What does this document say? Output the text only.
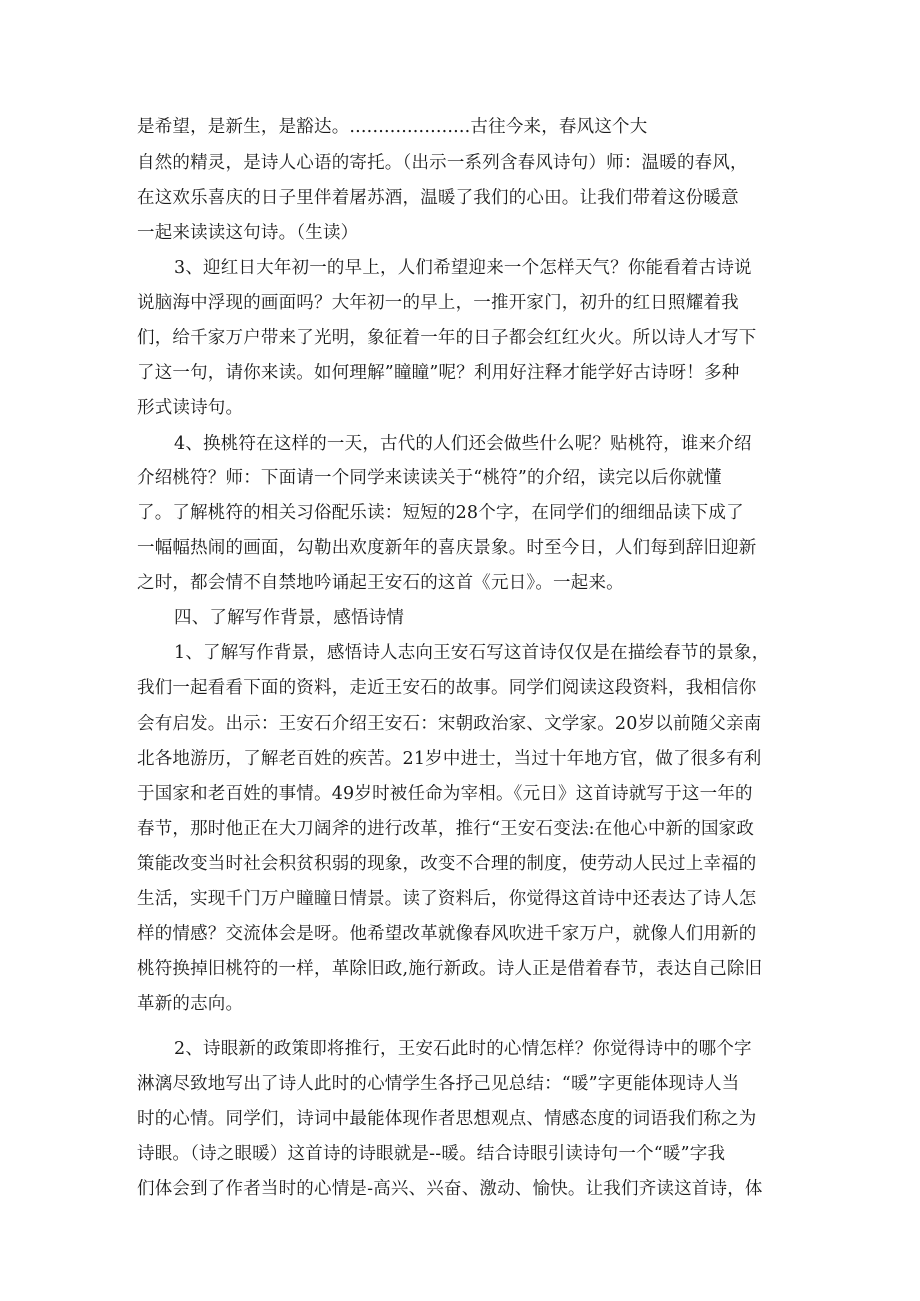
是希望，是新生，是豁达。.....................古往今来，春风这个大
自然的精灵，是诗人心语的寄托。（出示一系列含春风诗句）师：温暖的春风，
在这欢乐喜庆的日子里伴着屠苏酒，温暖了我们的心田。让我们带着这份暖意
一起来读读这句诗。（生读）
3、迎红日大年初一的早上，人们希望迎来一个怎样天气？你能看着古诗说
说脑海中浮现的画面吗？大年初一的早上，一推开家门，初升的红日照耀着我
们，给千家万户带来了光明，象征着一年的日子都会红红火火。所以诗人才写下
了这一句，请你来读。如何理解”瞳瞳”呢？利用好注释才能学好古诗呀！多种
形式读诗句。
4、换桃符在这样的一天，古代的人们还会做些什么呢？贴桃符，谁来介绍
介绍桃符？师：下面请一个同学来读读关于“桃符”的介绍，读完以后你就懂
了。了解桃符的相关习俗配乐读：短短的28个字，在同学们的细细品读下成了
一幅幅热闹的画面，勾勒出欢度新年的喜庆景象。时至今日，人们每到辞旧迎新
之时，都会情不自禁地吟诵起王安石的这首《元日》。一起来。
四、了解写作背景，感悟诗情
1、了解写作背景，感悟诗人志向王安石写这首诗仅仅是在描绘春节的景象，
我们一起看看下面的资料，走近王安石的故事。同学们阅读这段资料，我相信你
会有启发。出示：王安石介绍王安石：宋朝政治家、文学家。20岁以前随父亲南
北各地游历，了解老百姓的疾苦。21岁中进士，当过十年地方官，做了很多有利
于国家和老百姓的事情。49岁时被任命为宰相。《元日》这首诗就写于这一年的
春节，那时他正在大刀阔斧的进行改革，推行“王安石变法:在他心中新的国家政
策能改变当时社会积贫积弱的现象，改变不合理的制度，使劳动人民过上幸福的
生活，实现千门万户瞳瞳日情景。读了资料后，你觉得这首诗中还表达了诗人怎
样的情感？交流体会是呀。他希望改革就像春风吹进千家万户，就像人们用新的
桃符换掉旧桃符的一样，革除旧政,施行新政。诗人正是借着春节，表达自己除旧
革新的志向。
2、诗眼新的政策即将推行，王安石此时的心情怎样？你觉得诗中的哪个字
淋漓尽致地写出了诗人此时的心情学生各抒己见总结：“暖”字更能体现诗人当
时的心情。同学们，诗词中最能体现作者思想观点、情感态度的词语我们称之为
诗眼。（诗之眼暖）这首诗的诗眼就是--暖。结合诗眼引读诗句一个“暖”字我
们体会到了作者当时的心情是-高兴、兴奋、激动、愉快。让我们齐读这首诗，体
